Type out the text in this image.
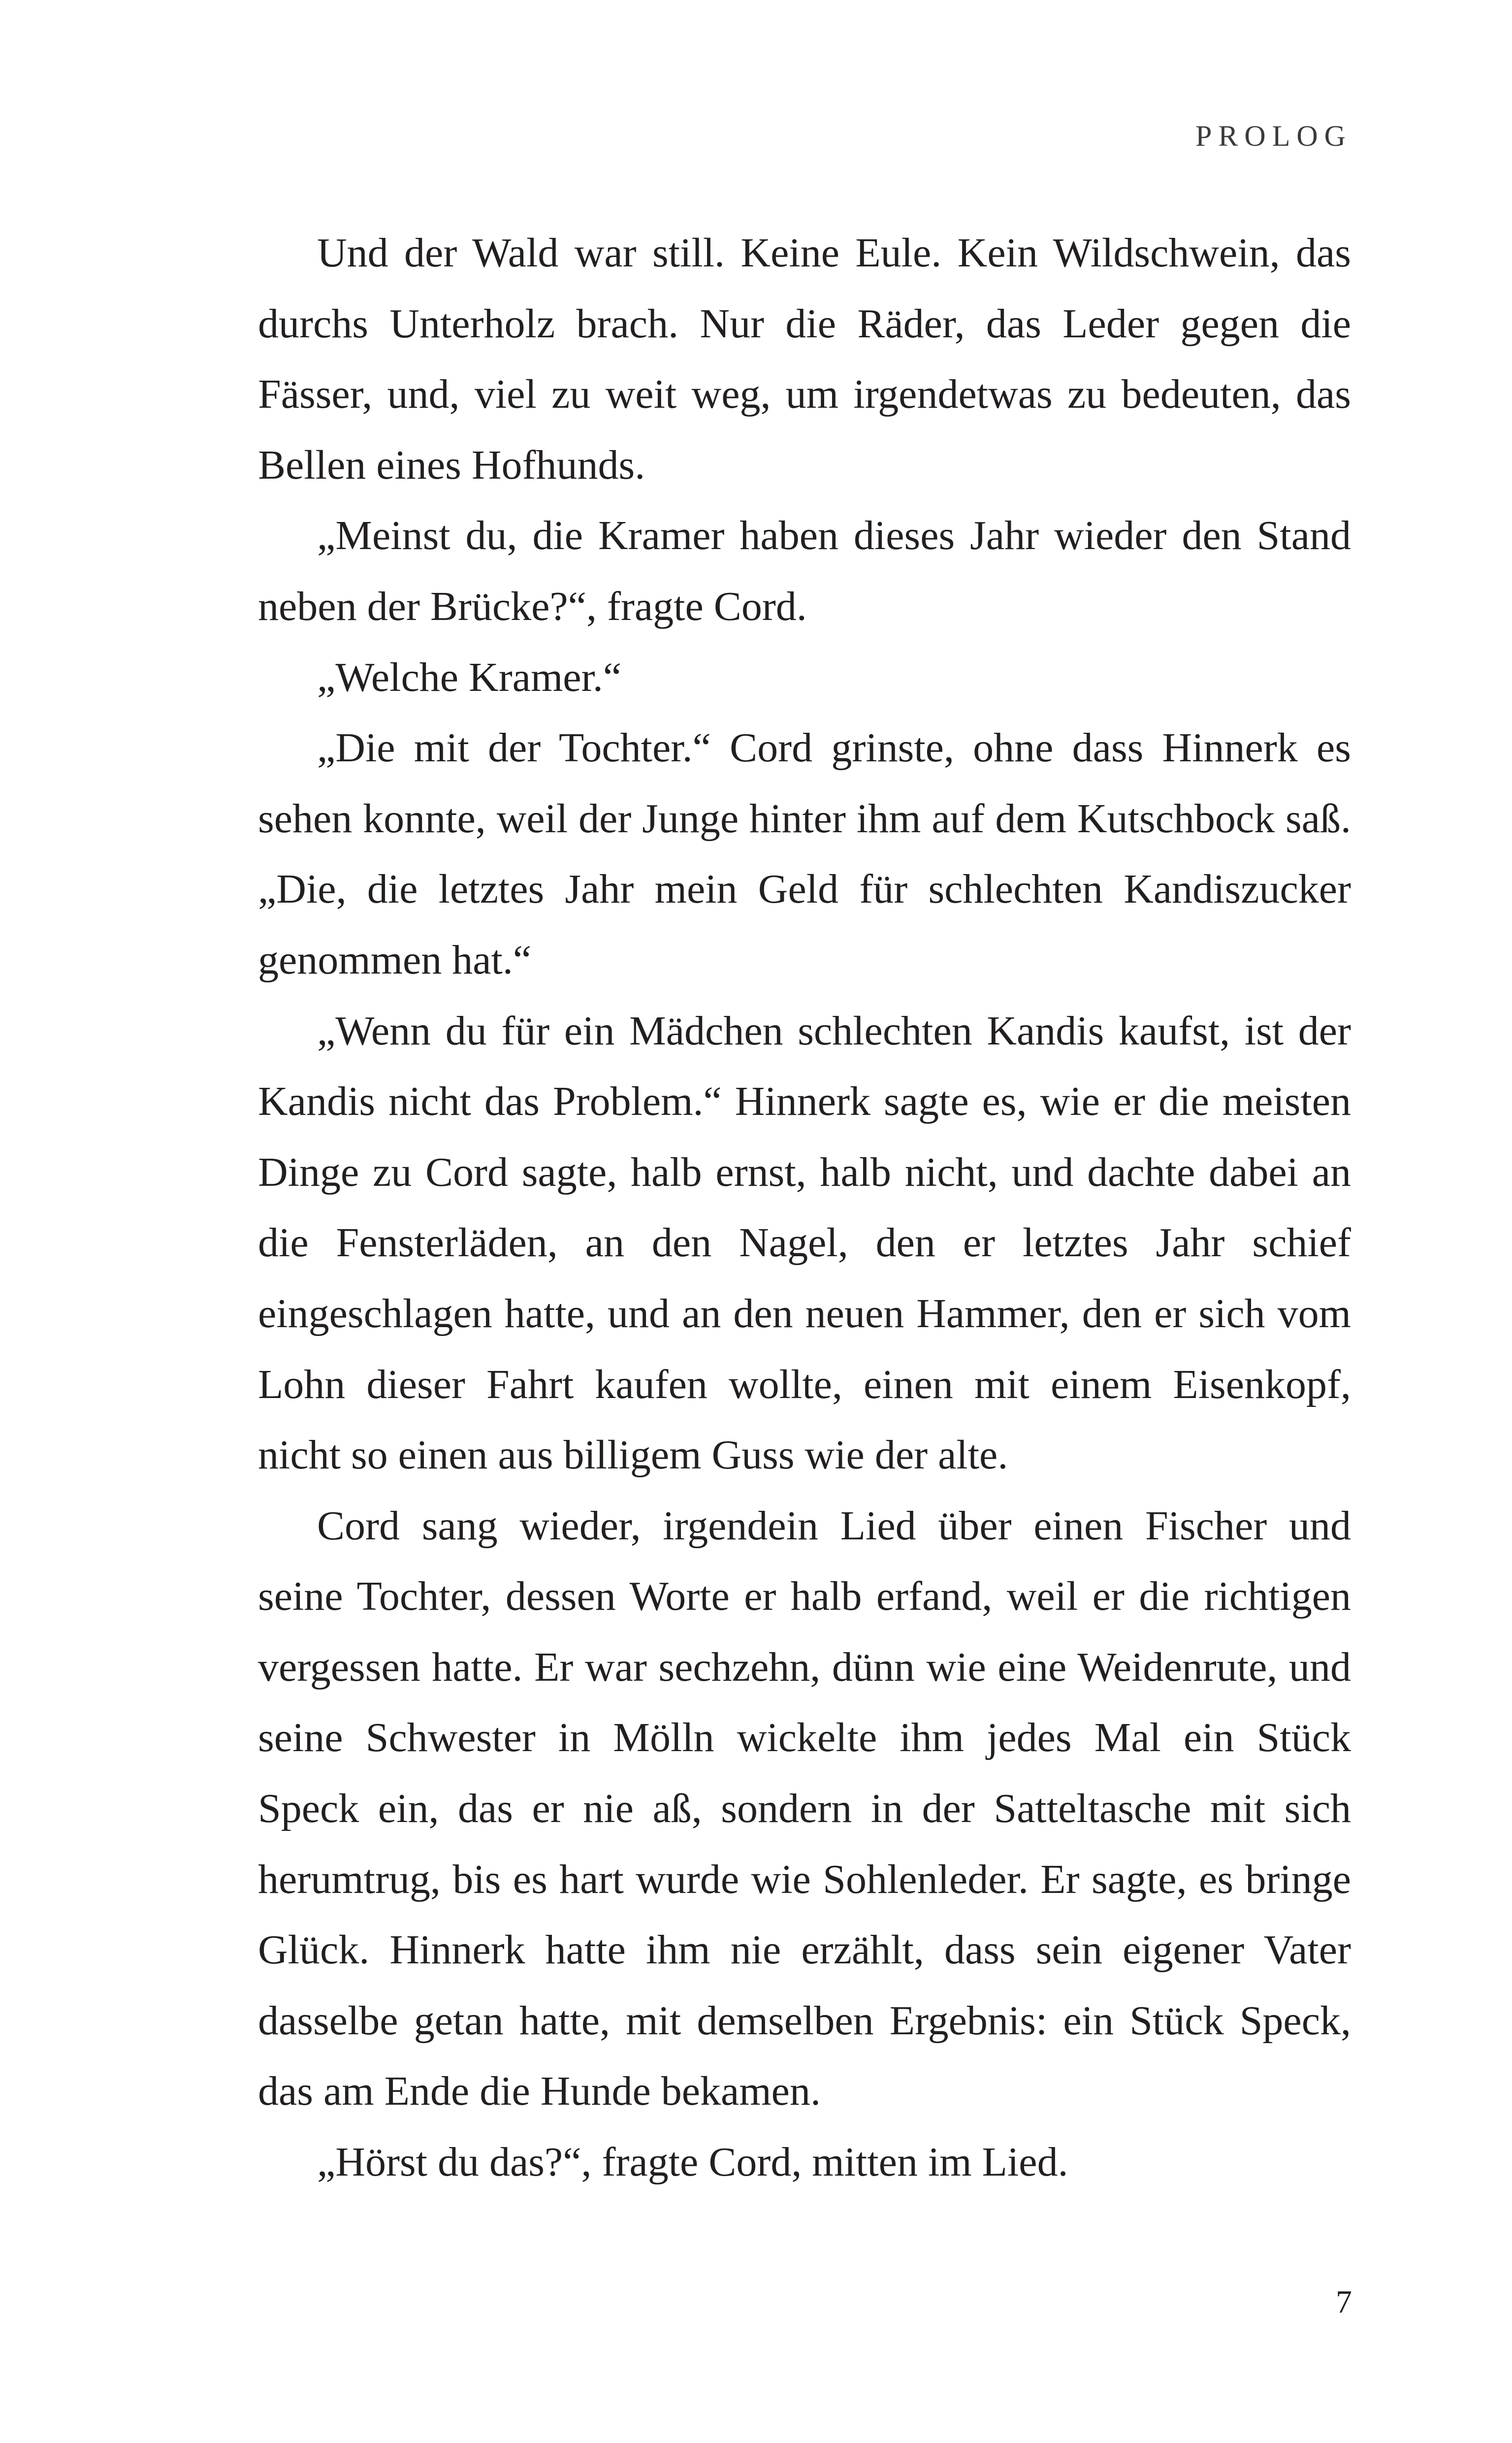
PROLOG

Und der Wald war still. Keine Eule. Kein Wildschwein, das durchs Unterholz brach. Nur die Räder, das Leder gegen die Fässer, und, viel zu weit weg, um irgendetwas zu bedeuten, das Bellen eines Hofhunds.

„Meinst du, die Kramer haben dieses Jahr wieder den Stand neben der Brücke?“, fragte Cord.

„Welche Kramer.“

„Die mit der Tochter.“ Cord grinste, ohne dass Hinnerk es sehen konnte, weil der Junge hinter ihm auf dem Kutschbock saß. „Die, die letztes Jahr mein Geld für schlechten Kandiszucker genommen hat.“

„Wenn du für ein Mädchen schlechten Kandis kaufst, ist der Kandis nicht das Problem.“ Hinnerk sagte es, wie er die meisten Dinge zu Cord sagte, halb ernst, halb nicht, und dachte dabei an die Fensterläden, an den Nagel, den er letztes Jahr schief eingeschlagen hatte, und an den neuen Hammer, den er sich vom Lohn dieser Fahrt kaufen wollte, einen mit einem Eisenkopf, nicht so einen aus billigem Guss wie der alte.

Cord sang wieder, irgendein Lied über einen Fischer und seine Tochter, dessen Worte er halb erfand, weil er die richtigen vergessen hatte. Er war sechzehn, dünn wie eine Weidenrute, und seine Schwester in Mölln wickelte ihm jedes Mal ein Stück Speck ein, das er nie aß, sondern in der Satteltasche mit sich herumtrug, bis es hart wurde wie Sohlenleder. Er sagte, es bringe Glück. Hinnerk hatte ihm nie erzählt, dass sein eigener Vater dasselbe getan hatte, mit demselben Ergebnis: ein Stück Speck, das am Ende die Hunde bekamen.

„Hörst du das?“, fragte Cord, mitten im Lied.

7
